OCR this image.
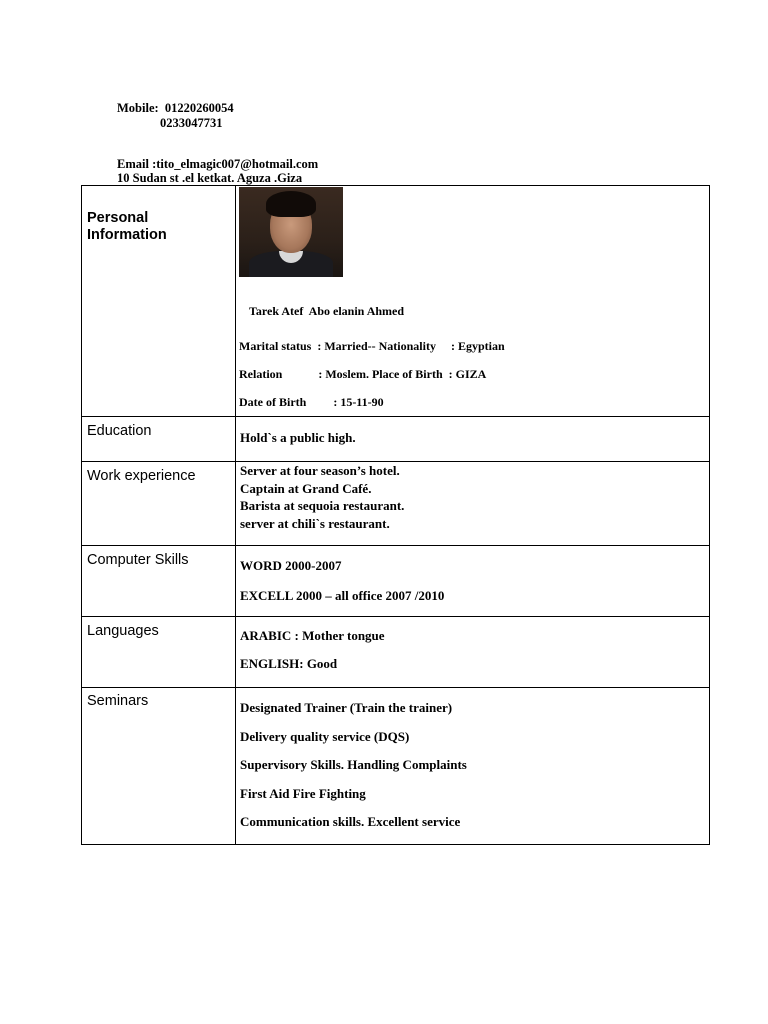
Mobile: 01220260054
0233047731
Email :tito_elmagic007@hotmail.com
10 Sudan st .el ketkat. Aguza .Giza
Personal Information	Tarek Atef  Abo elanin Ahmed
Marital status  : Married-- Nationality     : Egyptian
Relation            : Moslem. Place of Birth  : GIZA
Date of Birth         : 15-11-90

Education	Hold`s a public high.

Work experience	Server at four season’s hotel.
Captain at Grand Café.
Barista at sequoia restaurant.
server at chili`s restaurant.

Computer Skills	WORD 2000-2007
EXCELL 2000 – all office 2007 /2010

Languages	ARABIC : Mother tongue
ENGLISH: Good

Seminars	Designated Trainer (Train the trainer)
Delivery quality service (DQS)
Supervisory Skills. Handling Complaints
First Aid Fire Fighting
Communication skills. Excellent service
